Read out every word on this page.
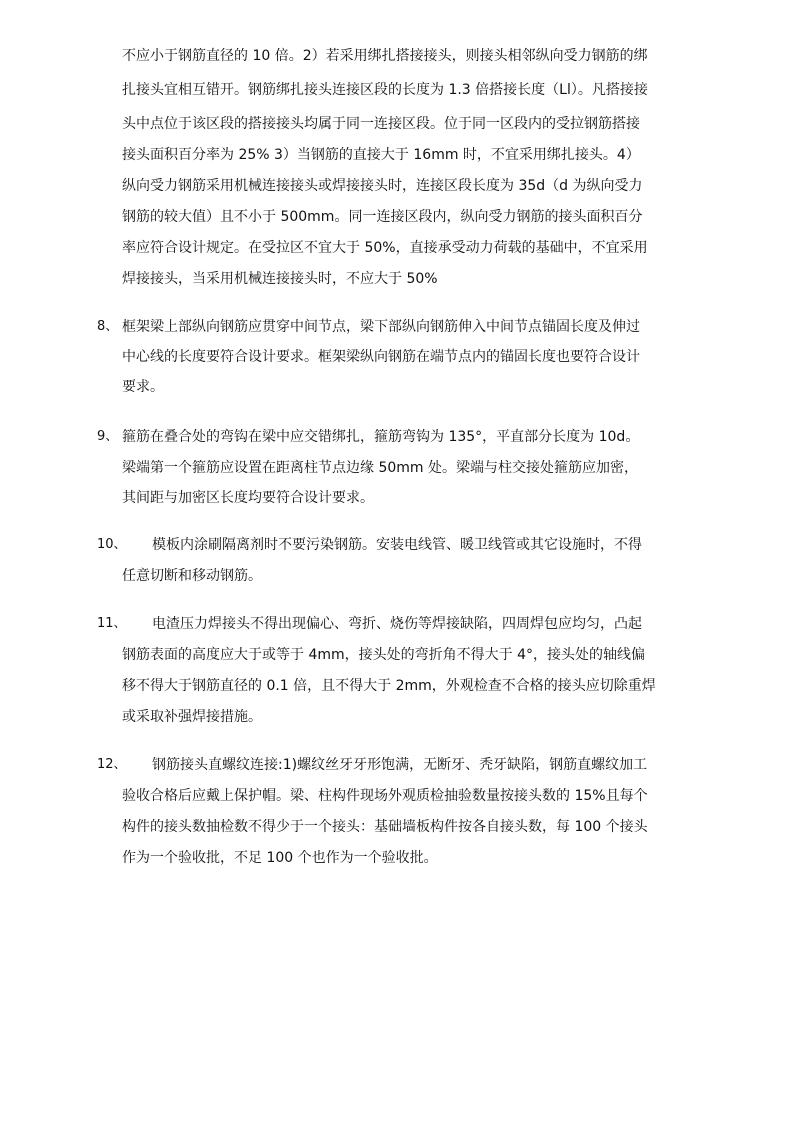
不应小于钢筋直径的 10 倍。2）若采用绑扎搭接接头，则接头相邻纵向受力钢筋的绑
扎接头宜相互错开。钢筋绑扎接头连接区段的长度为 1.3 倍搭接长度（Ll）。凡搭接接
头中点位于该区段的搭接接头均属于同一连接区段。位于同一区段内的受拉钢筋搭接
接头面积百分率为 25% 3）当钢筋的直接大于 16mm 时，不宜采用绑扎接头。4）
纵向受力钢筋采用机械连接接头或焊接接头时，连接区段长度为 35d（d 为纵向受力
钢筋的较大值）且不小于 500mm。同一连接区段内，纵向受力钢筋的接头面积百分
率应符合设计规定。在受拉区不宜大于 50%，直接承受动力荷载的基础中，不宜采用
焊接接头，当采用机械连接接头时，不应大于 50%
8、 框架梁上部纵向钢筋应贯穿中间节点，梁下部纵向钢筋伸入中间节点锚固长度及伸过
中心线的长度要符合设计要求。框架梁纵向钢筋在端节点内的锚固长度也要符合设计
要求。
9、 箍筋在叠合处的弯钩在梁中应交错绑扎，箍筋弯钩为 135°，平直部分长度为 10d。
梁端第一个箍筋应设置在距离柱节点边缘 50mm 处。梁端与柱交接处箍筋应加密，
其间距与加密区长度均要符合设计要求。
10、 模板内涂刷隔离剂时不要污染钢筋。安装电线管、暖卫线管或其它设施时，不得
任意切断和移动钢筋。
11、 电渣压力焊接头不得出现偏心、弯折、烧伤等焊接缺陷，四周焊包应均匀，凸起
钢筋表面的高度应大于或等于 4mm，接头处的弯折角不得大于 4°，接头处的轴线偏
移不得大于钢筋直径的 0.1 倍，且不得大于 2mm，外观检查不合格的接头应切除重焊
或采取补强焊接措施。
12、 钢筋接头直螺纹连接:1)螺纹丝牙牙形饱满，无断牙、秃牙缺陷，钢筋直螺纹加工
验收合格后应戴上保护帽。梁、柱构件现场外观质检抽验数量按接头数的 15%且每个
构件的接头数抽检数不得少于一个接头：基础墙板构件按各自接头数，每 100 个接头
作为一个验收批，不足 100 个也作为一个验收批。
